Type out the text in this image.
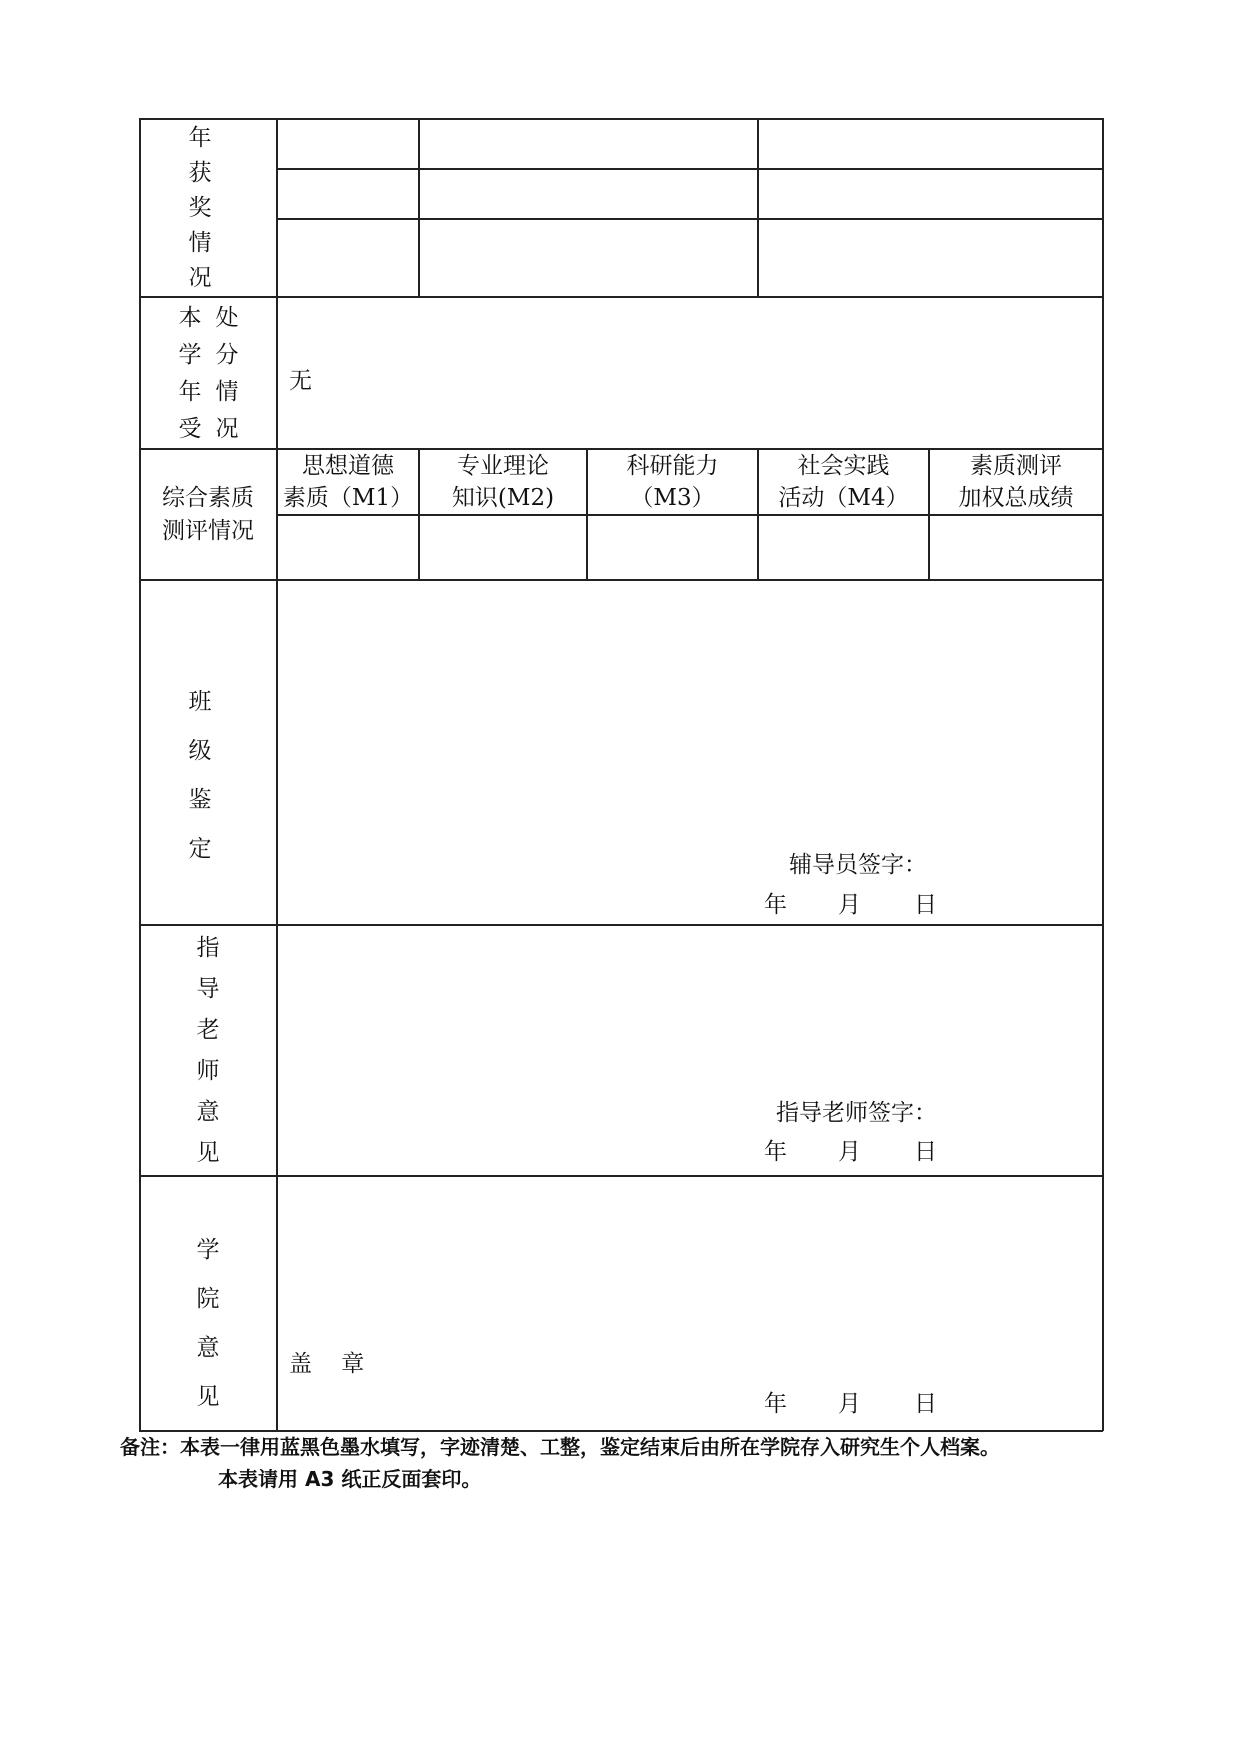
年
获
奖
情
况
本
学
年
受
处
分
情
况
无
综合素质
测评情况
思想道德
素质（M1）
专业理论
知识(M2)
科研能力
（M3）
社会实践
活动（M4）
素质测评
加权总成绩
班
级
鉴
定
辅导员签字：
年 月 日
指
导
老
师
意
见
指导老师签字：
年 月 日
学
院
意
见
盖    章
年 月 日
备注：本表一律用蓝黑色墨水填写，字迹清楚、工整，鉴定结束后由所在学院存入研究生个人档案。
本表请用 A3 纸正反面套印。
